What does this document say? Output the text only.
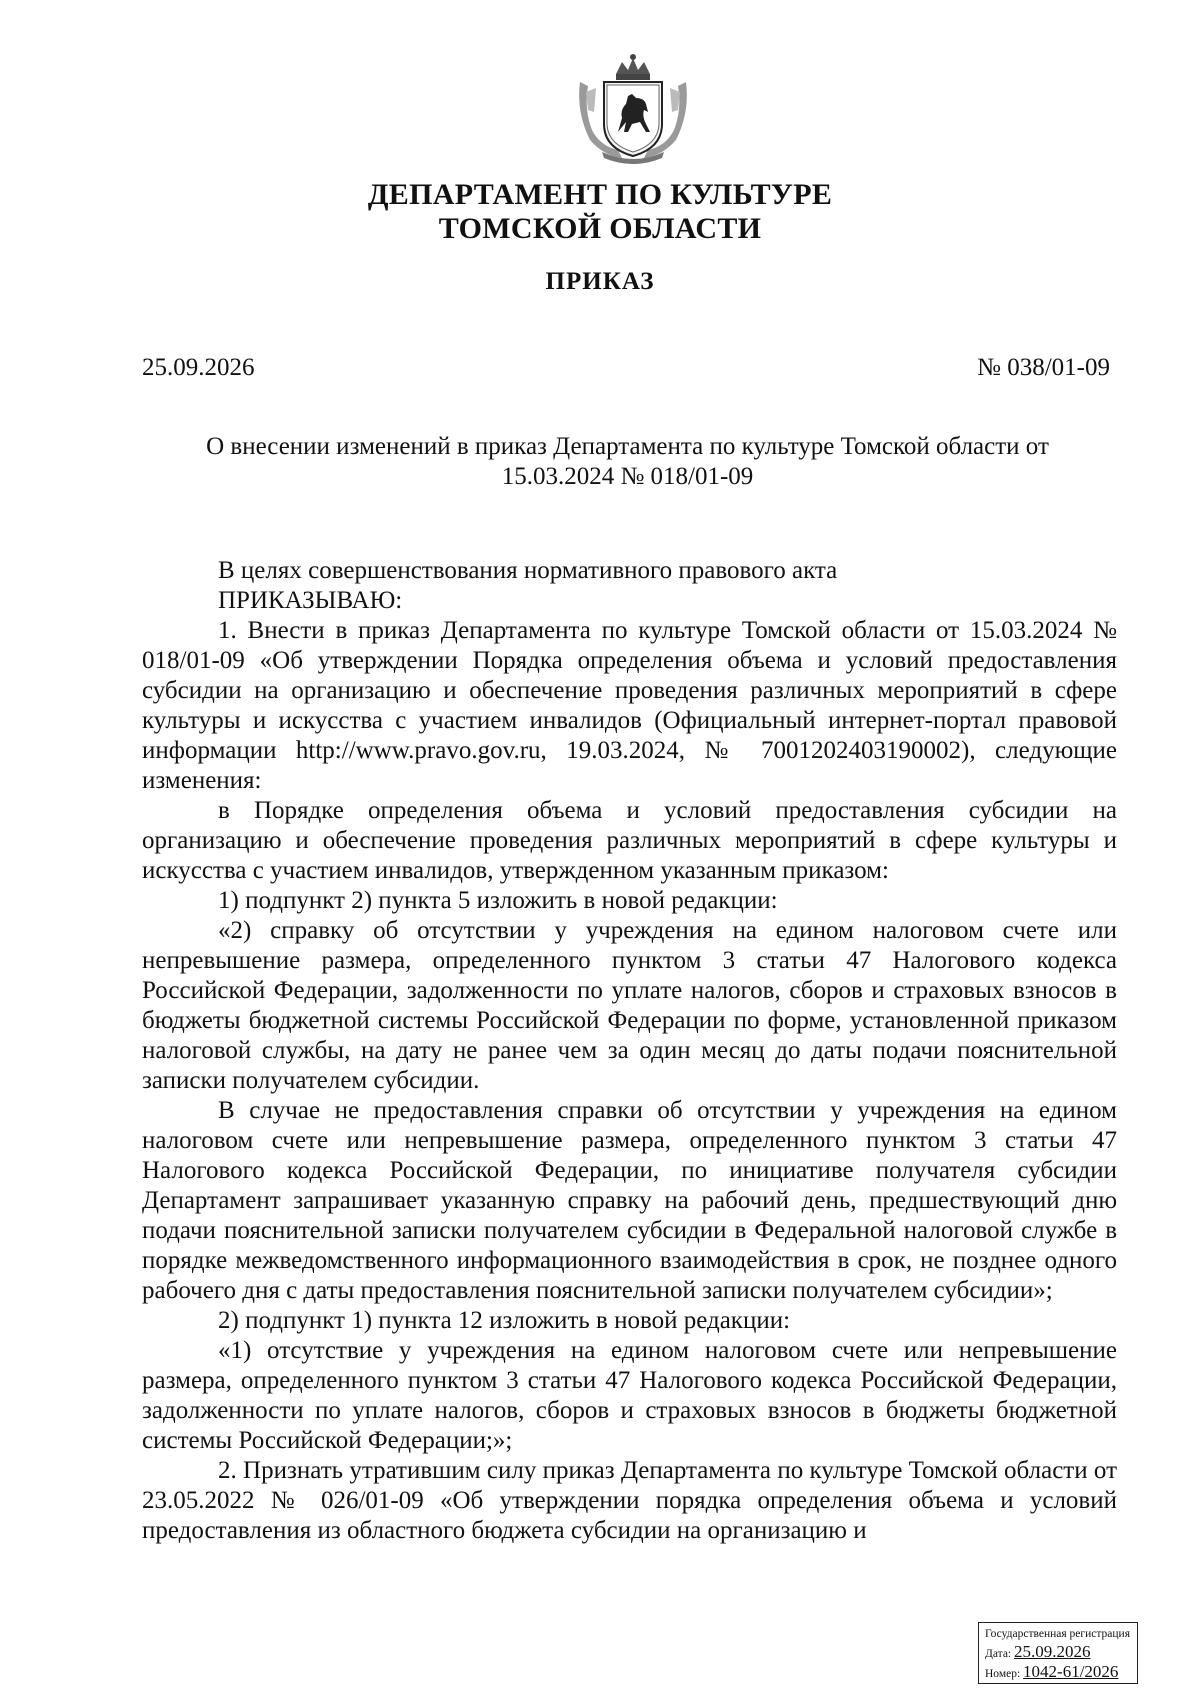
ДЕПАРТАМЕНТ ПО КУЛЬТУРЕ
ТОМСКОЙ ОБЛАСТИ
ПРИКАЗ
25.09.2026	№ 038/01-09
О внесении изменений в приказ Департамента по культуре Томской области от 15.03.2024 № 018/01-09

В целях совершенствования нормативного правового акта

ПРИКАЗЫВАЮ:

1. Внести в приказ Департамента по культуре Томской области от 15.03.2024 № 018/01-09 «Об утверждении Порядка определения объема и условий предоставления субсидии на организацию и обеспечение проведения различных мероприятий в сфере культуры и искусства с участием инвалидов (Официальный интернет-портал правовой информации http://www.pravo.gov.ru, 19.03.2024, № 7001202403190002), следующие изменения:

в Порядке определения объема и условий предоставления субсидии на организацию и обеспечение проведения различных мероприятий в сфере культуры и искусства с участием инвалидов, утвержденном указанным приказом:

1) подпункт 2) пункта 5 изложить в новой редакции:

«2) справку об отсутствии у учреждения на едином налоговом счете или непревышение размера, определенного пунктом 3 статьи 47 Налогового кодекса Российской Федерации, задолженности по уплате налогов, сборов и страховых взносов в бюджеты бюджетной системы Российской Федерации по форме, установленной приказом налоговой службы, на дату не ранее чем за один месяц до даты подачи пояснительной записки получателем субсидии.

В случае не предоставления справки об отсутствии у учреждения на едином налоговом счете или непревышение размера, определенного пунктом 3 статьи 47 Налогового кодекса Российской Федерации, по инициативе получателя субсидии Департамент запрашивает указанную справку на рабочий день, предшествующий дню подачи пояснительной записки получателем субсидии в Федеральной налоговой службе в порядке межведомственного информационного взаимодействия в срок, не позднее одного рабочего дня с даты предоставления пояснительной записки получателем субсидии»;

2) подпункт 1) пункта 12 изложить в новой редакции:

«1) отсутствие у учреждения на едином налоговом счете или непревышение размера, определенного пунктом 3 статьи 47 Налогового кодекса Российской Федерации, задолженности по уплате налогов, сборов и страховых взносов в бюджеты бюджетной системы Российской Федерации;»;

2. Признать утратившим силу приказ Департамента по культуре Томской области от 23.05.2022 № 026/01-09 «Об утверждении порядка определения объема и условий предоставления из областного бюджета субсидии на организацию и

Государственная регистрация
Дата: 25.09.2026
Номер: 1042-61/2026
